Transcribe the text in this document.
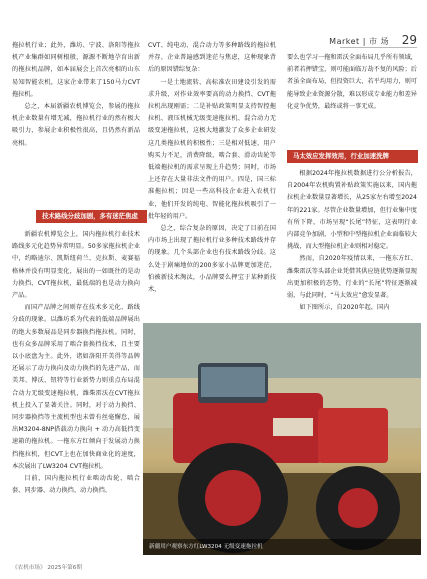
Market | 市 场 29

拖拉机行业；此外，潍坊、宁波、洛阳等拖拉机产业集群如同树根般，源源不断地孕育出新的拖拉机品牌，如本届展会上首次亮相的山东易知智能农机，这家企业带来了150马力CVT拖拉机。

总之，本届新疆农机博览会，参展的拖拉机企业数量有增无减，拖拉机行业的然有极大吸引力，参展企业积极性很高，且仍然有新品亮相。

技术路线分歧加剧，多有迷茫焦虑

新疆农机博览会上，国内拖拉机行业技术路线多元化趋势异常明显。50多家拖拉机企业中，约略迪尔、凯斯纽荷兰、克拉斯、麦赛福格林并没有明显变化，展出的一如既往的是动力换挡、CVT拖拉机，最低端的也是动力换向产品。

而国产品牌之间则存在技术多元化、路线分歧的现象。以潍坊系为代表的低端品牌展出的绝大多数展品是同步器换挡拖拉机。同时，也有众多品牌采用了啮合套换挡技术，且主要以小底盘为主。此外，诸如洛阳开美得等品牌还展示了动力换向及动力换挡的先进产品，而美邦、博沃、钮特等行业新势力则重点布局混合动力无级变速拖拉机，潍柴雷沃在CVT拖拉机上投入了显著关注。同时，对于动力换挡、同步器换挡等主流机型也未曾有丝毫懈怠，展出M3204-8NP搭载动力换向 + 动力高低挡变速箱的拖拉机。一拖东方红倾向于发展动力换挡拖拉机，但CVT上也在加快商业化的速度，本次展出了LW3204 CVT拖拉机。

目前，国内拖拉机行业啮动齿轮、啮合套、同步器、动力换挡、动力换挡、

CVT、纯电动、混合动力等多种路线的拖拉机并存，企业普遍感到迷茫与焦虑，这种现象背后的原因错综复杂：

一是土地流转、高标准农田建设引发的需求升级，对作业效率要高的动力换挡、CVT拖拉机出现刚需；二是补贴政策明显支持智控拖拉机、液压机械无级变速拖拉机、混合动力无级变速拖拉机，这极大地激发了众多企业研发这几类拖拉机的积极性；三是相对低速、用户购买力不足，消费降级，啮合套、滑动齿轮等低端拖拉机的需求呈现上升趋势；同时，市场上还存在大量非法文件的用户。四是，国三标准拖拉机；因是一些高科技企业进入农机行业，他们开发的纯电、智能化拖拉机吸引了一批年轻的用户。

总之，综合复杂的原因，决定了目前在国内市场上出现了拖拉机行业多种技术路线并存的现象。几个头部企业也有技术路线分歧。这么处于剧痛地位的200多家小品牌更加迷茫，怕被新技术淘汰，小品牌要么押宝于某种新技术，

要么也学习一拖和雷沃全面布局几乎所有领域，前者若押错宝，则可能面临万劫不复的风险；后者虽全面布局，但投资巨大，若平均用力，则可能导致企业资源分散，难以形成专业能力和差异化竞争优势，最终或将一事无成。

马太效应发挥效用，行业加速洗牌

根据2024年拖拉机数据进行公分析报告，自2004年农机购置补贴政策实施以来，国内拖拉机企业数量显著增长，从25家左右增至2024年的221家。尽管企业数量增加，但行业集中度有所下降，市场呈现“长尾”特征，这表明行业内部竞争加剧，小型和中型拖拉机企业面临较大挑战，而大型拖拉机企业则相对稳定。

然而，自2020年疫情以来，一拖东方红、潍柴雷沃等头部企业凭借其供应链优势逐渐显现出更加积极的态势，行业的“长尾”特征逐渐减弱，与此同时，“马太效应”愈发显著。

如下图所示，自2020年起，国内

新疆用户观察东方红LW3204 无级变速拖拉机
《农机市场》 2025年第6期
